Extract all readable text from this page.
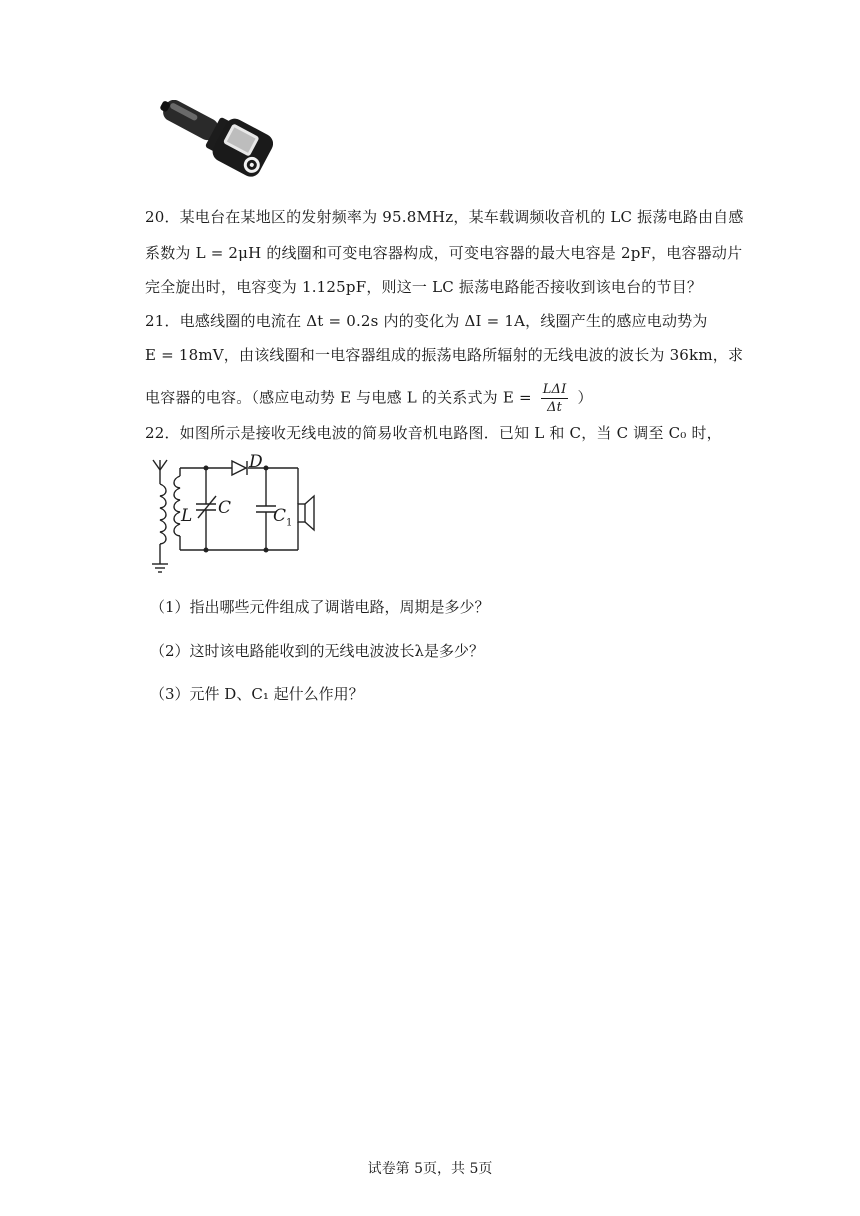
20．某电台在某地区的发射频率为 95.8MHz，某车载调频收音机的 LC 振荡电路由自感
系数为 L = 2μH 的线圈和可变电容器构成，可变电容器的最大电容是 2pF，电容器动片
完全旋出时，电容变为 1.125pF，则这一 LC 振荡电路能否接收到该电台的节目？
21．电感线圈的电流在 Δt = 0.2s 内的变化为 ΔI = 1A，线圈产生的感应电动势为
E = 18mV，由该线圈和一电容器组成的振荡电路所辐射的无线电波的波长为 36km，求
电容器的电容。（感应电动势 E 与电感 L 的关系式为 E = LΔI
Δt
）
22．如图所示是接收无线电波的简易收音机电路图．已知 L 和 C，当 C 调至 C₀ 时，
D
L C $C_1$
（1）指出哪些元件组成了调谐电路，周期是多少？
（2）这时该电路能收到的无线电波波长λ是多少？
（3）元件 D、C₁ 起什么作用？
试卷第 5页，共 5页
